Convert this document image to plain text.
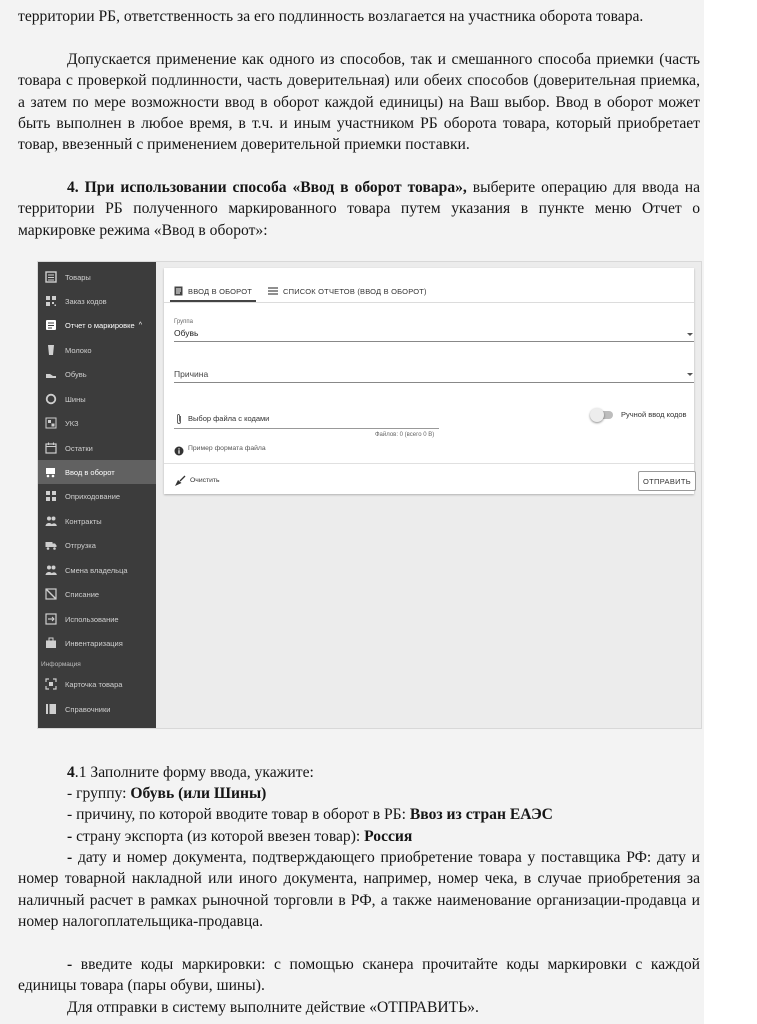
территории РБ, ответственность за его подлинность возлагается на участника оборота товара.

Допускается применение как одного из способов, так и смешанного способа приемки (часть товара с проверкой подлинности, часть доверительная) или обеих способов (доверительная приемка, а затем по мере возможности ввод в оборот каждой единицы) на Ваш выбор. Ввод в оборот может быть выполнен в любое время, в т.ч. и иным участником РБ оборота товара, который приобретает товар, ввезенный с применением доверительной приемки поставки.

4. При использовании способа «Ввод в оборот товара», выберите операцию для ввода на территории РБ полученного маркированного товара путем указания в пункте меню Отчет о маркировке режима «Ввод в оборот»:

Товары
Заказ кодов
Отчет о маркировке ^
Молоко
Обувь
Шины
УКЗ
Остатки
Ввод в оборот
Оприходование
Контракты
Отгрузка
Смена владельца
Списание
Использование
Инвентаризация
Информация
Карточка товара
Справочники
ВВОД В ОБОРОТ	СПИСОК ОТЧЕТОВ (ВВОД В ОБОРОТ)
Группа
Обувь
Причина
Выбор файла с кодами
Файлов: 0 (всего 0 B)
Ручной ввод кодов
Пример формата файла
Очистить	ОТПРАВИТЬ

4.1 Заполните форму ввода, укажите:

- группу: Обувь (или Шины)

- причину, по которой вводите товар в оборот в РБ: Ввоз из стран ЕАЭС

- страну экспорта (из которой ввезен товар): Россия

- дату и номер документа, подтверждающего приобретение товара у поставщика РФ: дату и номер товарной накладной или иного документа, например, номер чека, в случае приобретения за наличный расчет в рамках рыночной торговли в РФ, а также наименование организации-продавца и номер налогоплательщика-продавца.

- введите коды маркировки: с помощью сканера прочитайте коды маркировки с каждой единицы товара (пары обуви, шины).

Для отправки в систему выполните действие «ОТПРАВИТЬ».
